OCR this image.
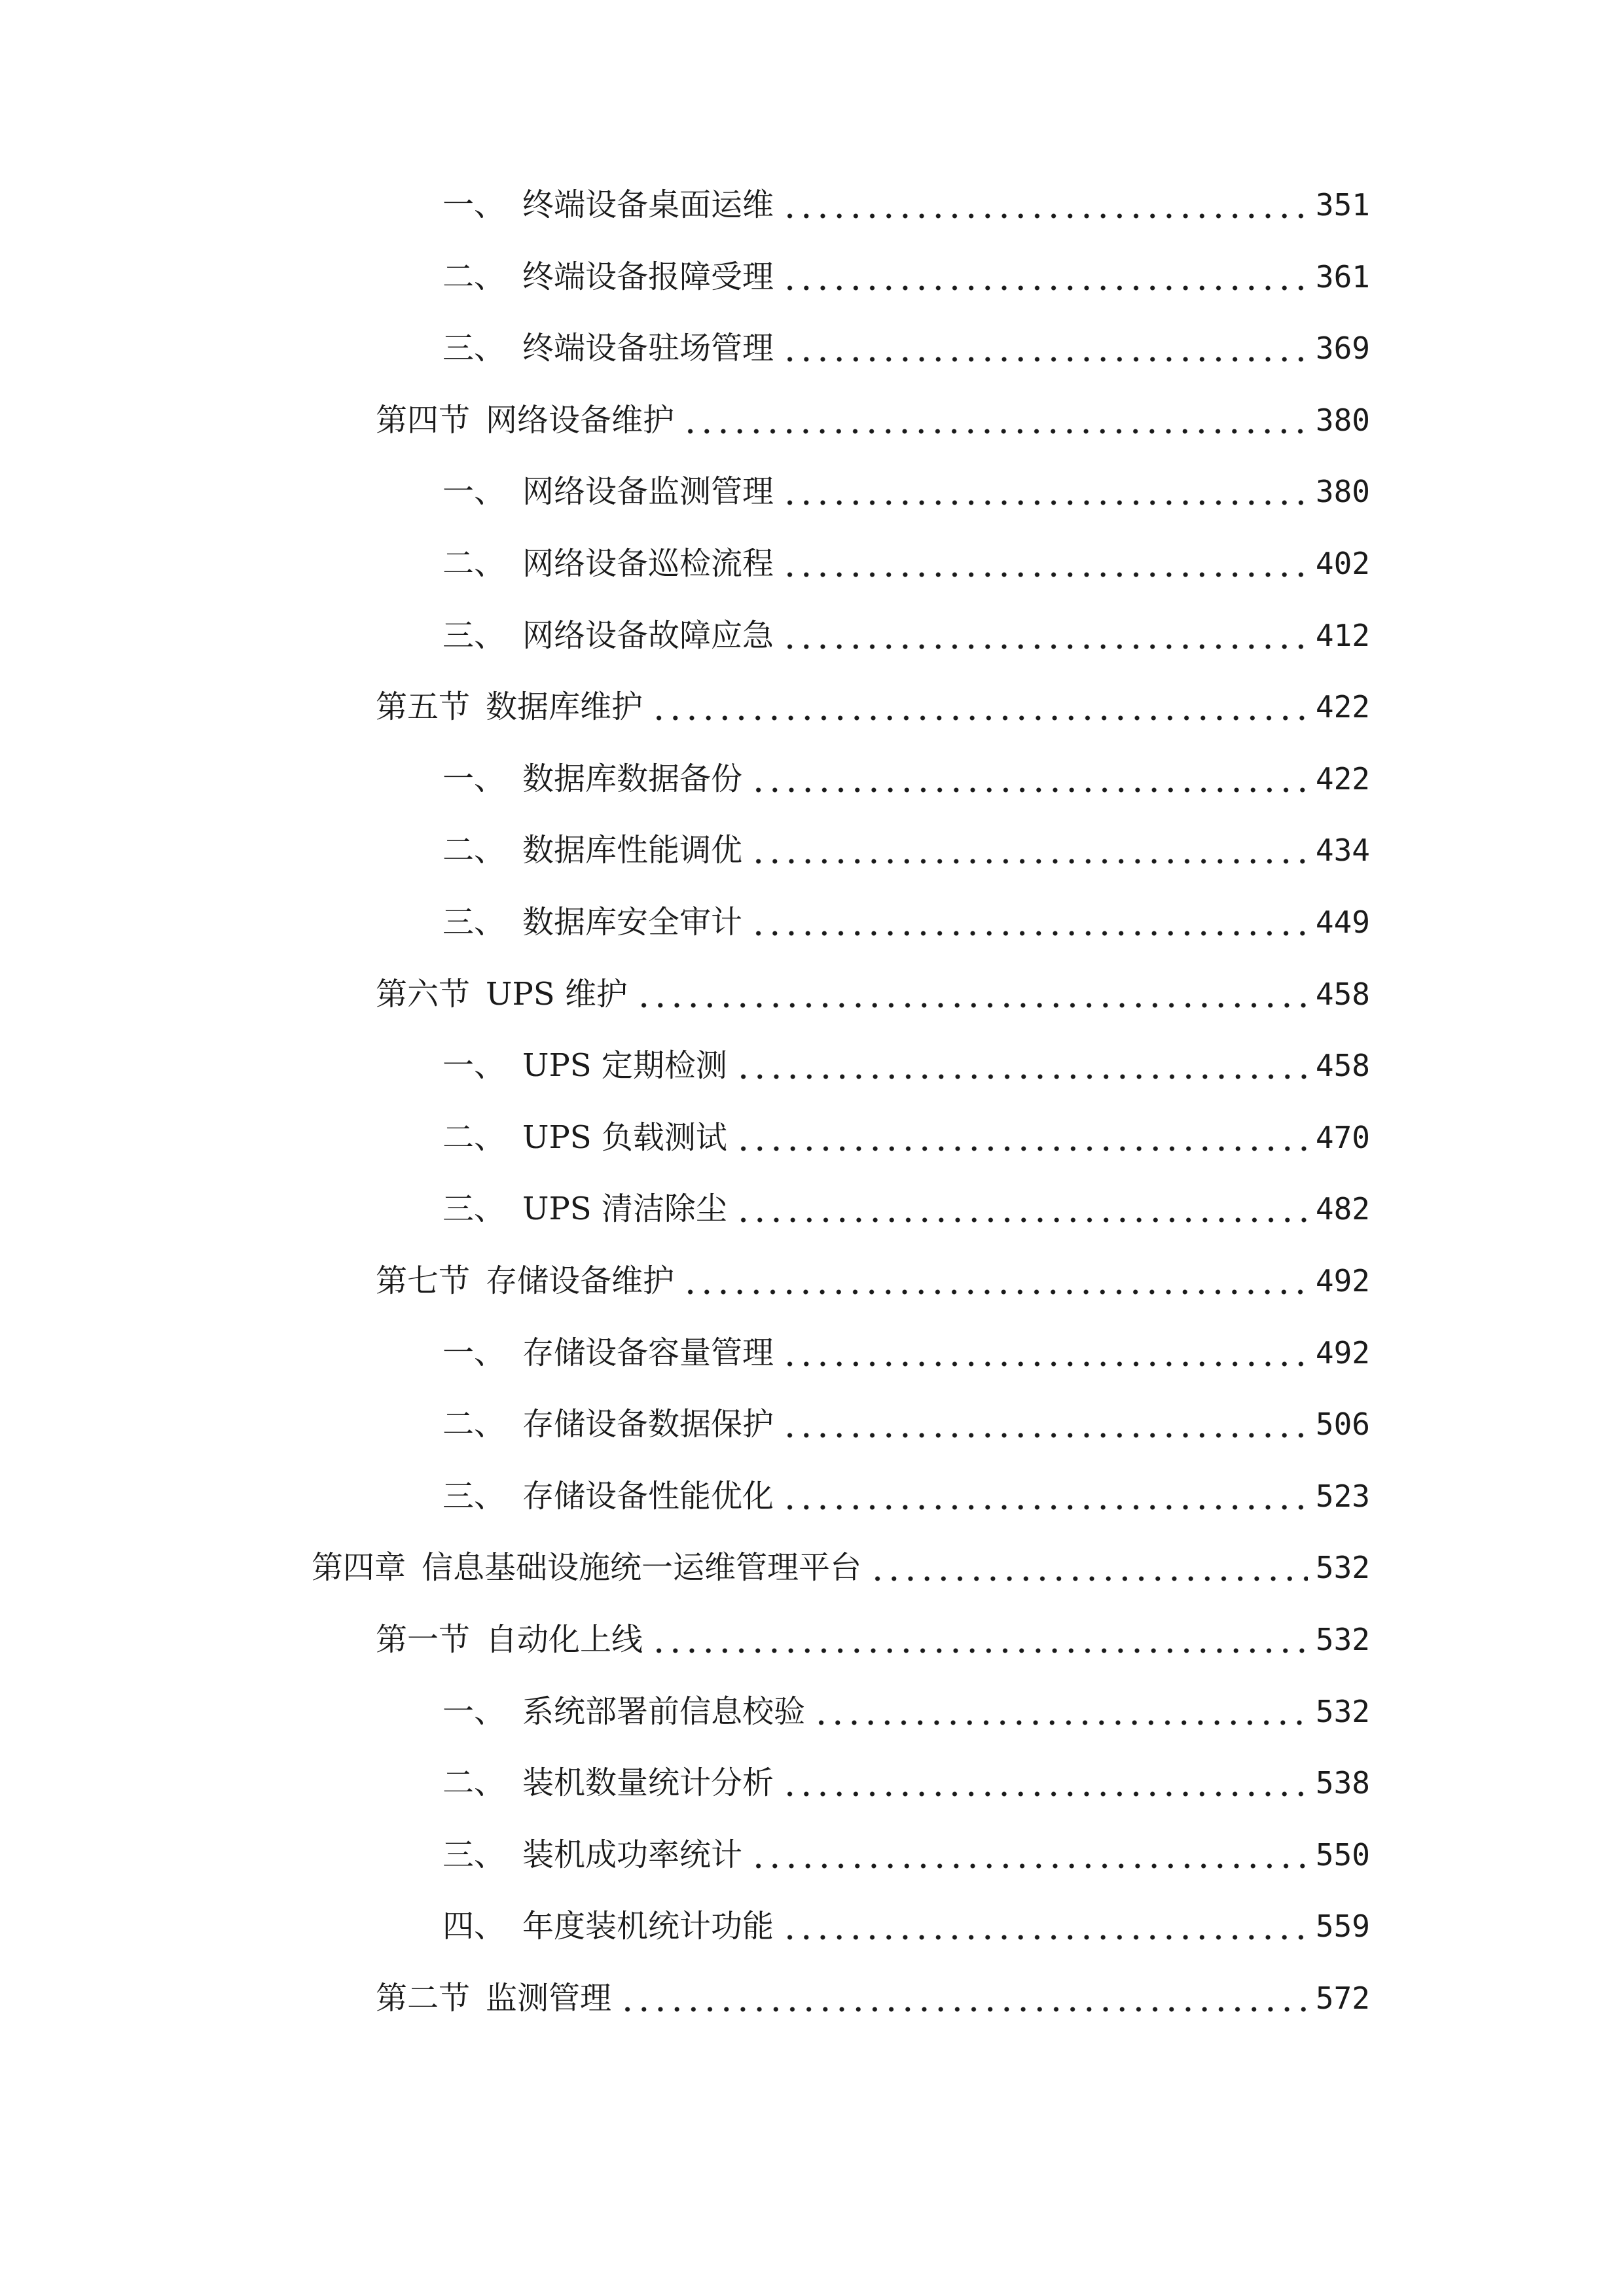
一、 终端设备桌面运维	351
二、 终端设备报障受理	361
三、 终端设备驻场管理	369
第四节 网络设备维护	380
一、 网络设备监测管理	380
二、 网络设备巡检流程	402
三、 网络设备故障应急	412
第五节 数据库维护	422
一、 数据库数据备份	422
二、 数据库性能调优	434
三、 数据库安全审计	449
第六节 UPS 维护	458
一、 UPS 定期检测	458
二、 UPS 负载测试	470
三、 UPS 清洁除尘	482
第七节 存储设备维护	492
一、 存储设备容量管理	492
二、 存储设备数据保护	506
三、 存储设备性能优化	523
第四章 信息基础设施统一运维管理平台	532
第一节 自动化上线	532
一、 系统部署前信息校验	532
二、 装机数量统计分析	538
三、 装机成功率统计	550
四、 年度装机统计功能	559
第二节 监测管理	572
